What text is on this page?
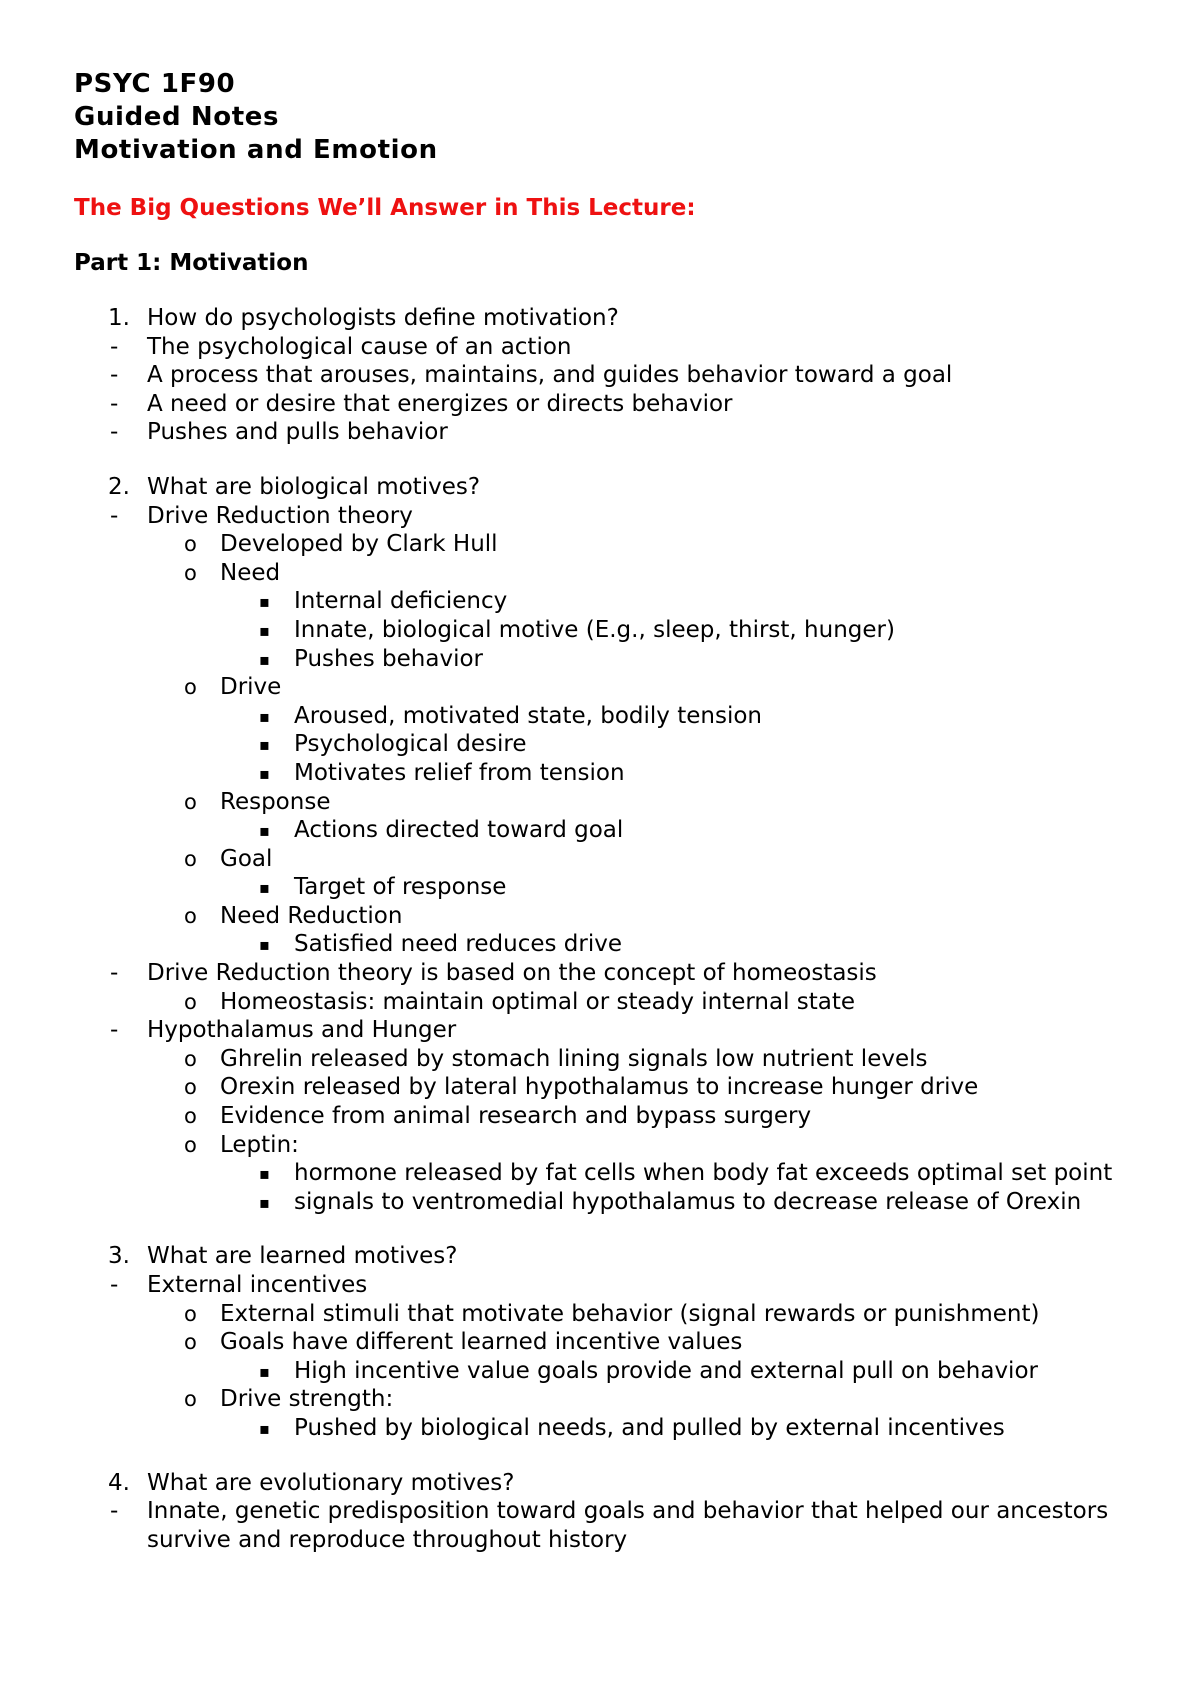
PSYC 1F90
Guided Notes
Motivation and Emotion
The Big Questions We’ll Answer in This Lecture:
Part 1: Motivation
1. How do psychologists define motivation?
- The psychological cause of an action
- A process that arouses, maintains, and guides behavior toward a goal
- A need or desire that energizes or directs behavior
- Pushes and pulls behavior
2. What are biological motives?
- Drive Reduction theory
o Developed by Clark Hull
o Need
▪ Internal deficiency
▪ Innate, biological motive (E.g., sleep, thirst, hunger)
▪ Pushes behavior
o Drive
▪ Aroused, motivated state, bodily tension
▪ Psychological desire
▪ Motivates relief from tension
o Response
▪ Actions directed toward goal
o Goal
▪ Target of response
o Need Reduction
▪ Satisfied need reduces drive
- Drive Reduction theory is based on the concept of homeostasis
o Homeostasis: maintain optimal or steady internal state
- Hypothalamus and Hunger
o Ghrelin released by stomach lining signals low nutrient levels
o Orexin released by lateral hypothalamus to increase hunger drive
o Evidence from animal research and bypass surgery
o Leptin:
▪ hormone released by fat cells when body fat exceeds optimal set point
▪ signals to ventromedial hypothalamus to decrease release of Orexin
3. What are learned motives?
- External incentives
o External stimuli that motivate behavior (signal rewards or punishment)
o Goals have different learned incentive values
▪ High incentive value goals provide and external pull on behavior
o Drive strength:
▪ Pushed by biological needs, and pulled by external incentives
4. What are evolutionary motives?
- Innate, genetic predisposition toward goals and behavior that helped our ancestors survive and reproduce throughout history
